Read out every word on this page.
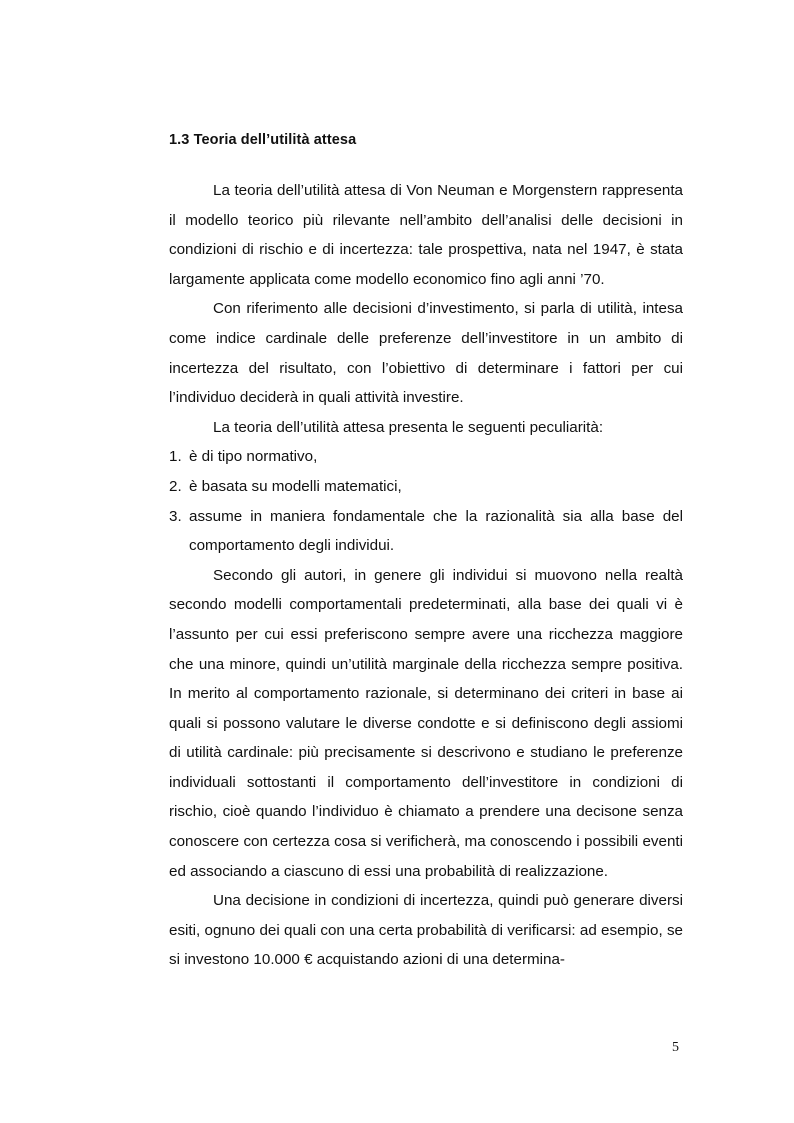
1.3 Teoria dell’utilità attesa

La teoria dell’utilità attesa di Von Neuman e Morgenstern rappresenta il modello teorico più rilevante nell’ambito dell’analisi delle decisioni in condizioni di rischio e di incertezza: tale prospettiva, nata nel 1947, è stata largamente applicata come modello economico fino agli anni ’70.

Con riferimento alle decisioni d’investimento, si parla di utilità, intesa come indice cardinale delle preferenze dell’investitore in un ambito di incertezza del risultato, con l’obiettivo di determinare i fattori per cui l’individuo deciderà in quali attività investire.

La teoria dell’utilità attesa presenta le seguenti peculiarità:

1. è di tipo normativo,
2. è basata su modelli matematici,
3. assume in maniera fondamentale che la razionalità sia alla base del comportamento degli individui.

Secondo gli autori, in genere gli individui si muovono nella realtà secondo modelli comportamentali predeterminati, alla base dei quali vi è l’assunto per cui essi preferiscono sempre avere una ricchezza maggiore che una minore, quindi un’utilità marginale della ricchezza sempre positiva. In merito al comportamento razionale, si determinano dei criteri in base ai quali si possono valutare le diverse condotte e si definiscono degli assiomi di utilità cardinale: più precisamente si descrivono e studiano le preferenze individuali sottostanti il comportamento dell’investitore in condizioni di rischio, cioè quando l’individuo è chiamato a prendere una decisone senza conoscere con certezza cosa si verificherà, ma conoscendo i possibili eventi ed associando a ciascuno di essi una probabilità di realizzazione.

Una decisione in condizioni di incertezza, quindi può generare diversi esiti, ognuno dei quali con una certa probabilità di verificarsi: ad esempio, se si investono 10.000 € acquistando azioni di una determina-

5
